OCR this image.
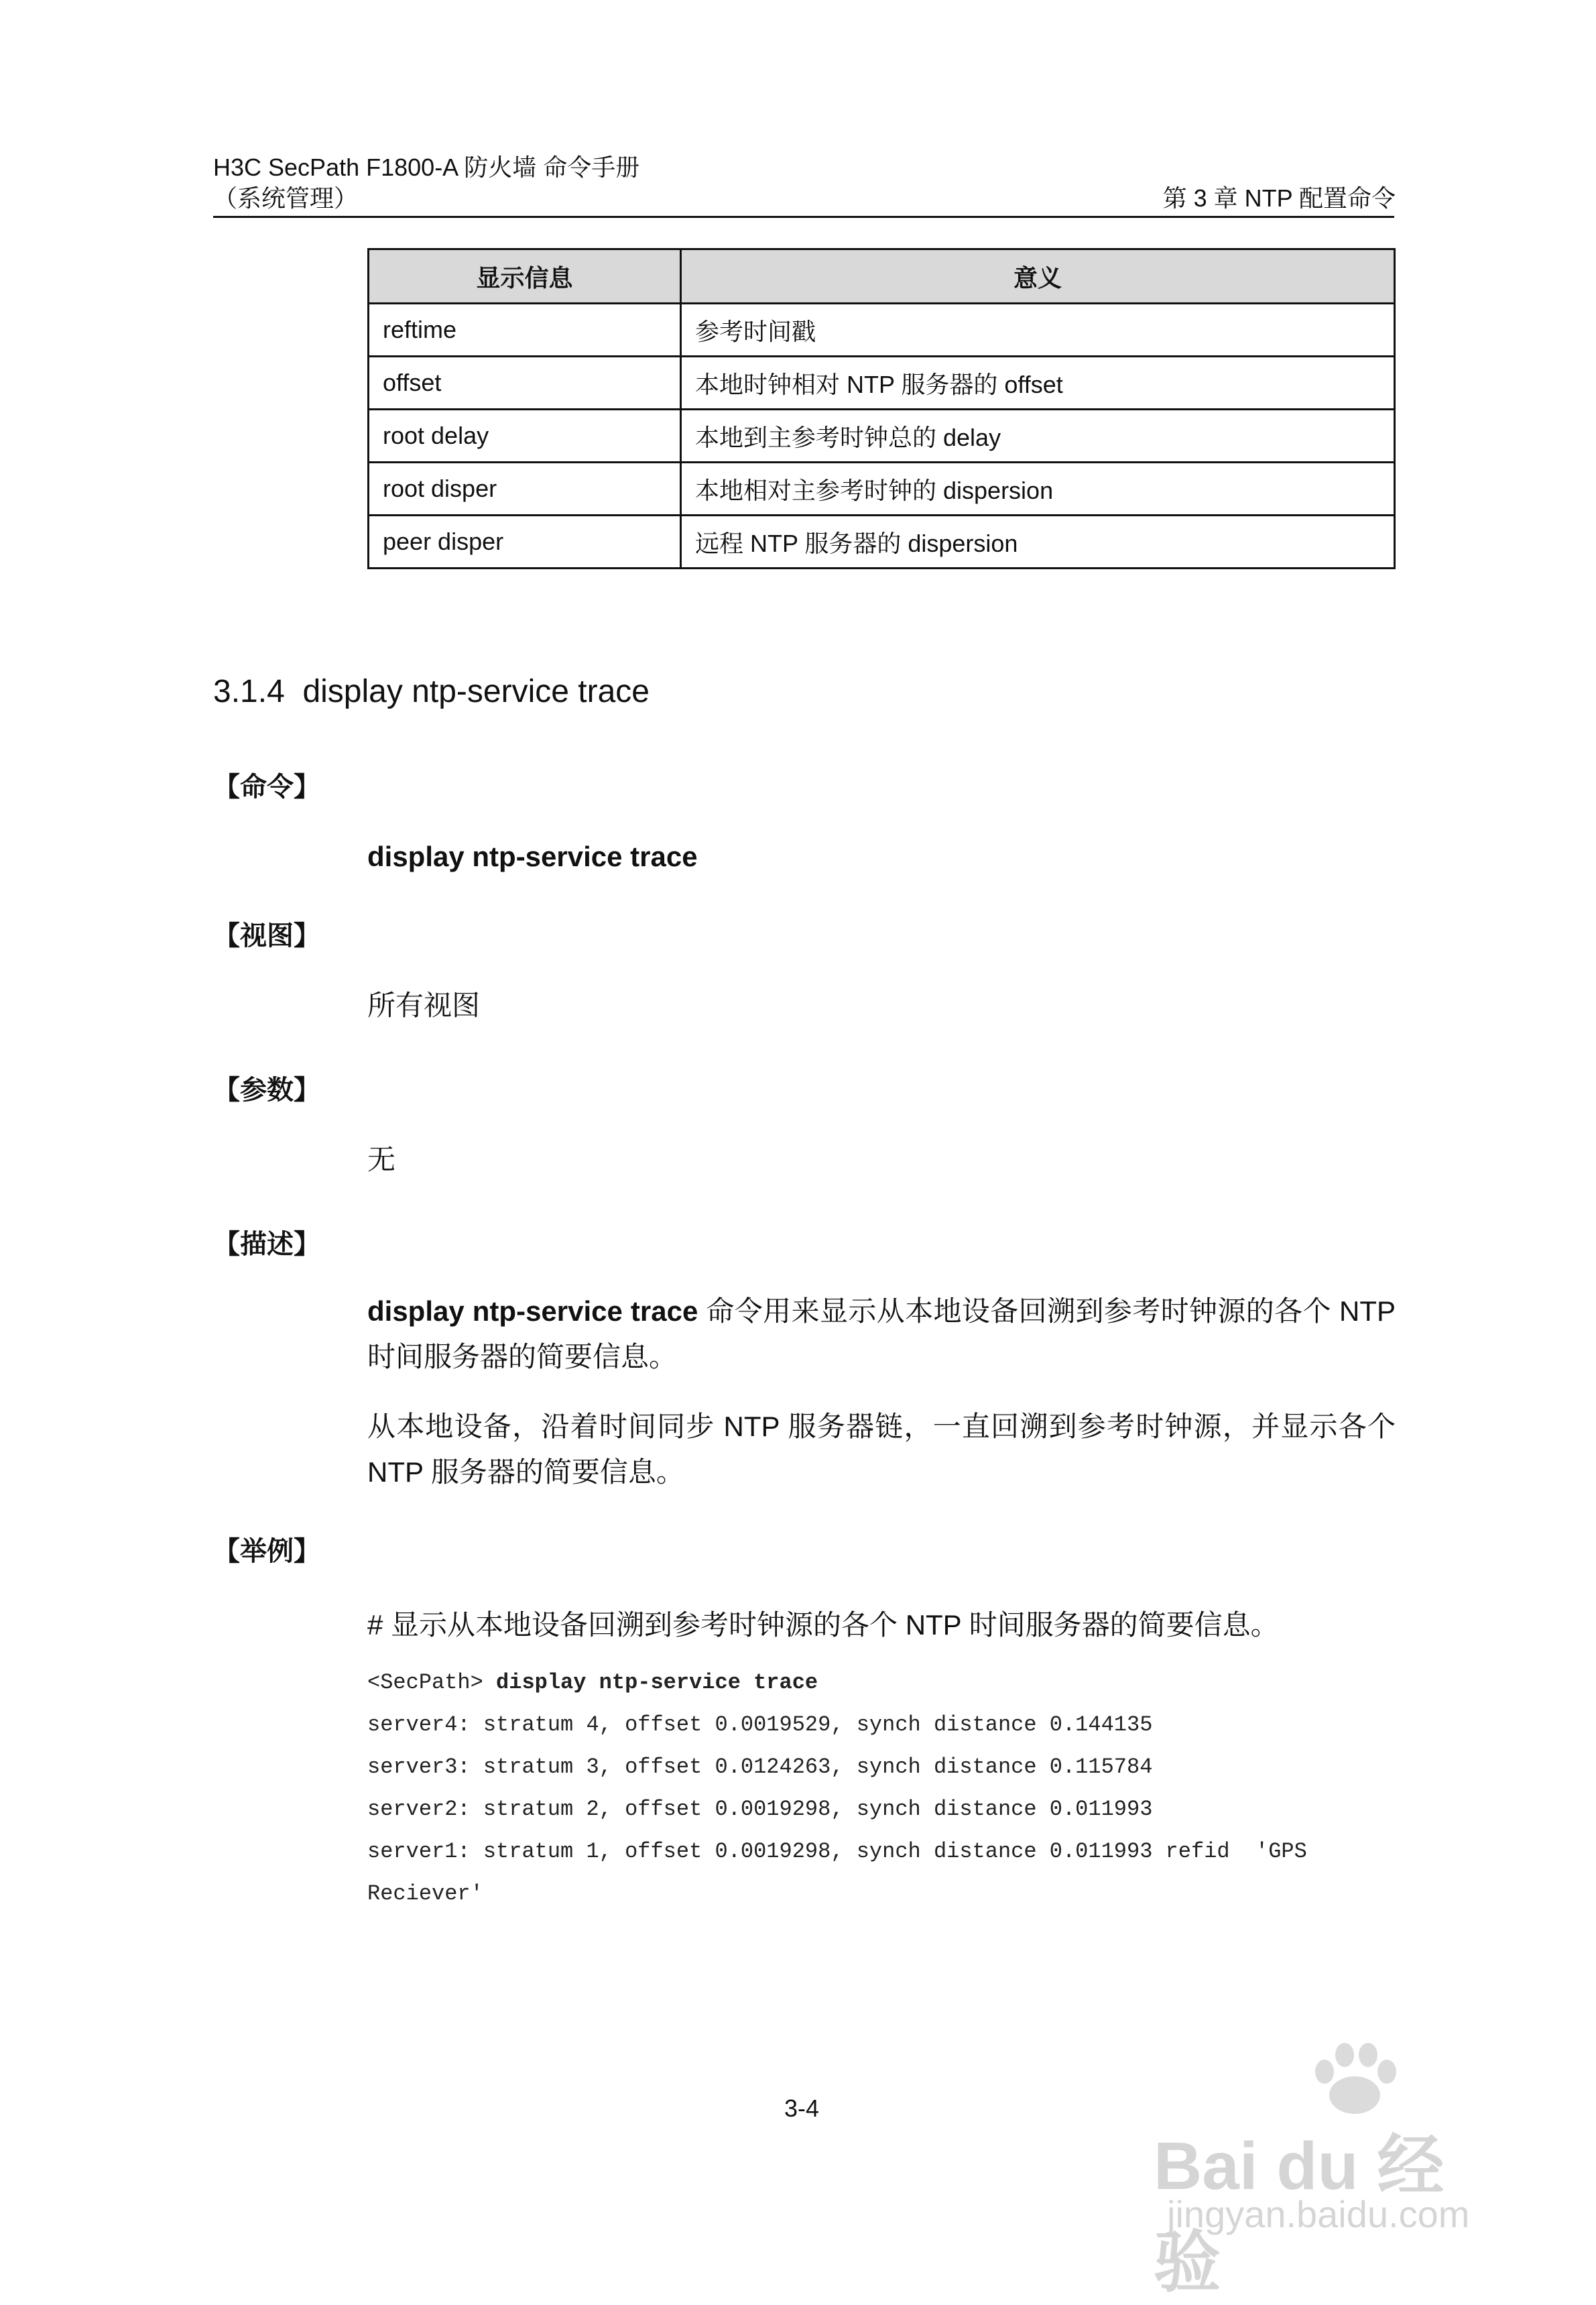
H3C SecPath F1800-A 防火墙 命令手册
（系统管理）	第 3 章 NTP 配置命令
显示信息	意义
reftime	参考时间戳
offset	本地时钟相对 NTP 服务器的 offset
root delay	本地到主参考时钟总的 delay
root disper	本地相对主参考时钟的 dispersion
peer disper	远程 NTP 服务器的 dispersion
3.1.4 display ntp-service trace
【命令】
display ntp-service trace
【视图】
所有视图
【参数】
无
【描述】
display ntp-service trace 命令用来显示从本地设备回溯到参考时钟源的各个 NTP 时间服务器的简要信息。
从本地设备，沿着时间同步 NTP 服务器链，一直回溯到参考时钟源，并显示各个 NTP 服务器的简要信息。
【举例】
# 显示从本地设备回溯到参考时钟源的各个 NTP 时间服务器的简要信息。
<SecPath> display ntp-service trace
server4: stratum 4, offset 0.0019529, synch distance 0.144135
server3: stratum 3, offset 0.0124263, synch distance 0.115784
server2: stratum 2, offset 0.0019298, synch distance 0.011993
server1: stratum 1, offset 0.0019298, synch distance 0.011993 refid  'GPS
Reciever'
3-4
Bai du 经验
jingyan.baidu.com
